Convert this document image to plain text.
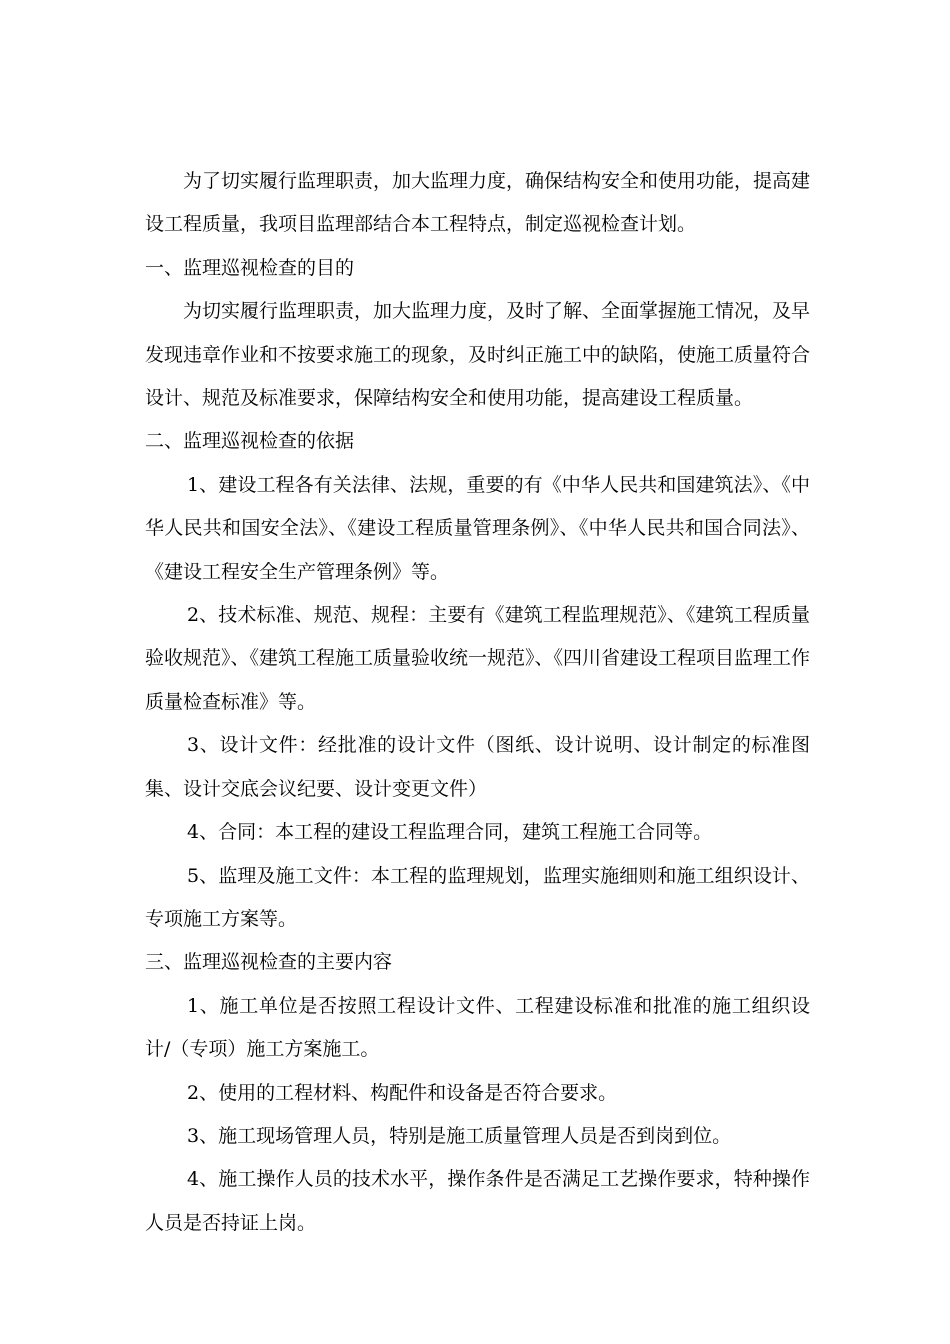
为了切实履行监理职责，加大监理力度，确保结构安全和使用功能，提高建设工程质量，我项目监理部结合本工程特点，制定巡视检查计划。

一、监理巡视检查的目的

为切实履行监理职责，加大监理力度，及时了解、全面掌握施工情况，及早发现违章作业和不按要求施工的现象，及时纠正施工中的缺陷，使施工质量符合设计、规范及标准要求，保障结构安全和使用功能，提高建设工程质量。

二、监理巡视检查的依据

1、建设工程各有关法律、法规，重要的有《中华人民共和国建筑法》、《中华人民共和国安全法》、《建设工程质量管理条例》、《中华人民共和国合同法》、《建设工程安全生产管理条例》等。

2、技术标准、规范、规程：主要有《建筑工程监理规范》、《建筑工程质量验收规范》、《建筑工程施工质量验收统一规范》、《四川省建设工程项目监理工作质量检查标准》等。

3、设计文件：经批准的设计文件（图纸、设计说明、设计制定的标准图集、设计交底会议纪要、设计变更文件）

4、合同：本工程的建设工程监理合同，建筑工程施工合同等。

5、监理及施工文件：本工程的监理规划，监理实施细则和施工组织设计、专项施工方案等。

三、监理巡视检查的主要内容

1、施工单位是否按照工程设计文件、工程建设标准和批准的施工组织设计/（专项）施工方案施工。

2、使用的工程材料、构配件和设备是否符合要求。

3、施工现场管理人员，特别是施工质量管理人员是否到岗到位。

4、施工操作人员的技术水平，操作条件是否满足工艺操作要求，特种操作人员是否持证上岗。
